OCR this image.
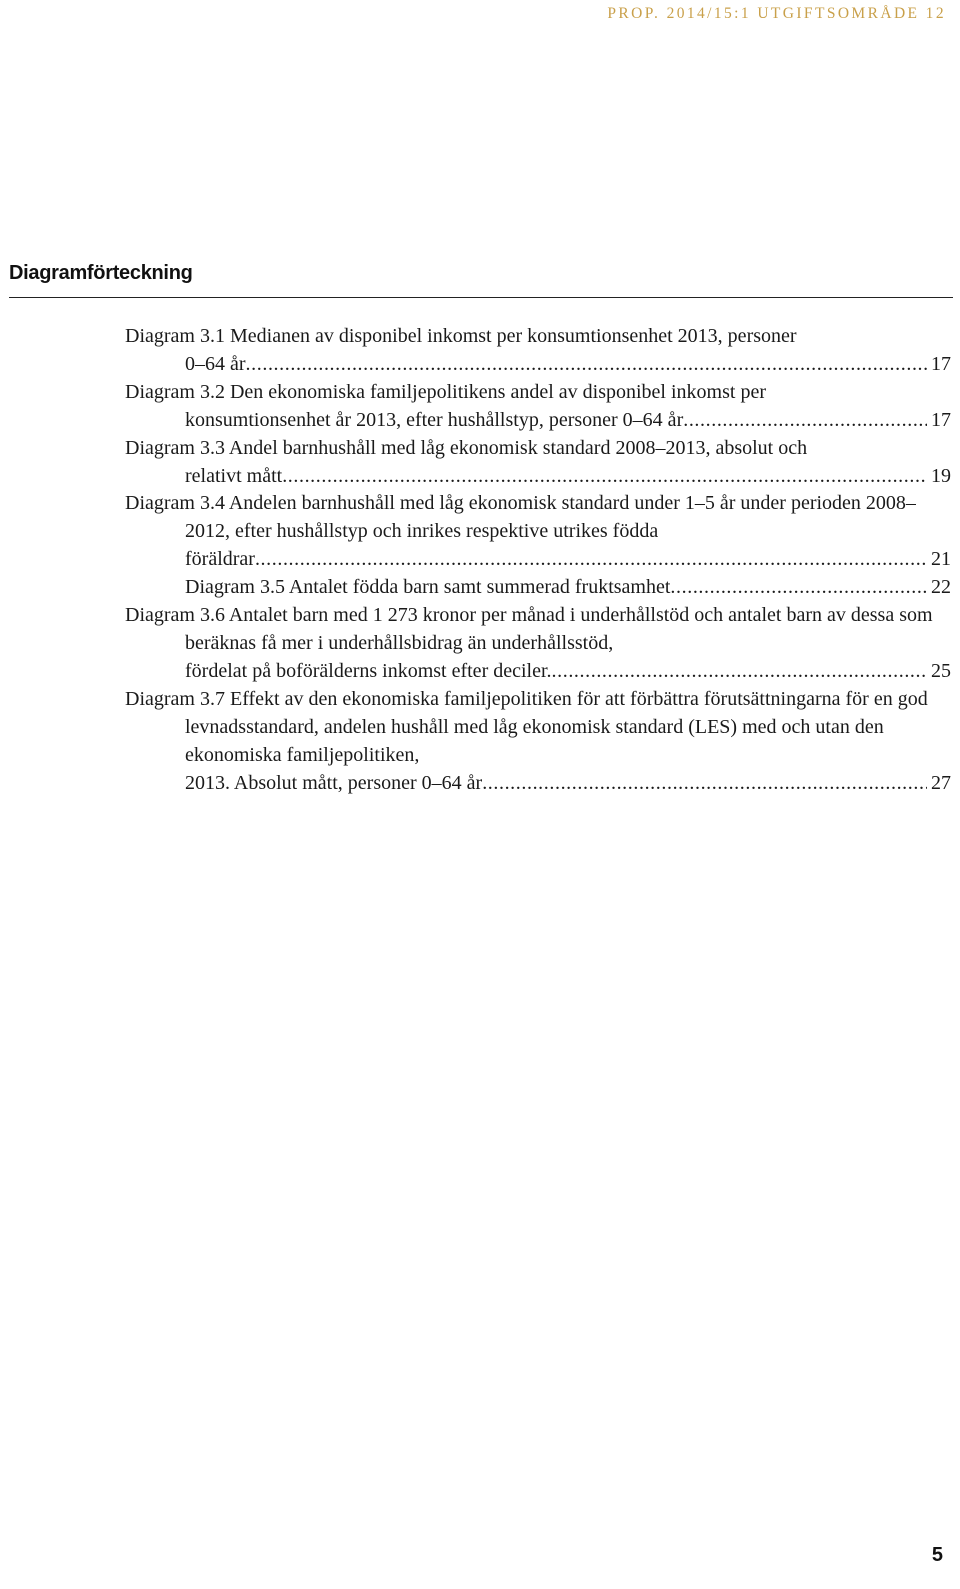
PROP. 2014/15:1 UTGIFTSOMRÅDE 12
Diagramförteckning
Diagram 3.1 Medianen av disponibel inkomst per konsumtionsenhet 2013, personer
0–64 år .....	17
Diagram 3.2 Den ekonomiska familjepolitikens andel av disponibel inkomst per
konsumtionsenhet år 2013, efter hushållstyp, personer 0–64 år .....	17
Diagram 3.3 Andel barnhushåll med låg ekonomisk standard 2008–2013, absolut och
relativt mått .....	19
Diagram 3.4 Andelen barnhushåll med låg ekonomisk standard under 1–5 år under perioden 2008–2012, efter hushållstyp och inrikes respektive utrikes födda
föräldrar .....	21
Diagram 3.5 Antalet födda barn samt summerad fruktsamhet .....	22
Diagram 3.6 Antalet barn med 1 273 kronor per månad i underhållstöd och antalet barn av dessa som beräknas få mer i underhållsbidrag än underhållsstöd,
fördelat på boförälderns inkomst efter deciler. .....	25
Diagram 3.7 Effekt av den ekonomiska familjepolitiken för att förbättra förutsättningarna för en god levnadsstandard, andelen hushåll med låg ekonomisk standard (LES) med och utan den ekonomiska familjepolitiken,
2013. Absolut mått, personer 0–64 år .....	27
5
